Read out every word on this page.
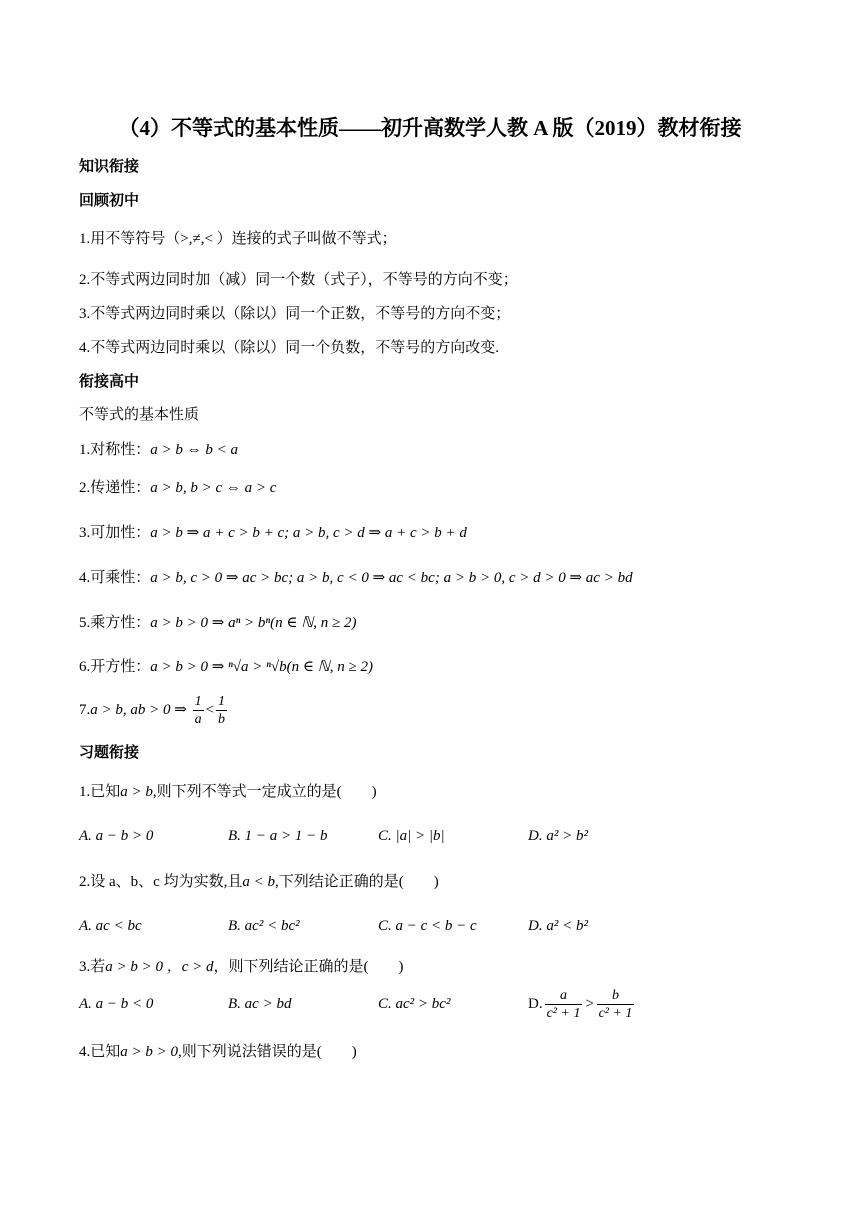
（4）不等式的基本性质——初升高数学人教 A 版（2019）教材衔接
知识衔接
回顾初中
1.用不等符号（>,≠,< ）连接的式子叫做不等式；
2.不等式两边同时加（减）同一个数（式子），不等号的方向不变；
3.不等式两边同时乘以（除以）同一个正数，不等号的方向不变；
4.不等式两边同时乘以（除以）同一个负数，不等号的方向改变.
衔接高中
不等式的基本性质
1.对称性：a > b ⇔ b < a
2.传递性：a > b, b > c ⇔ a > c
3.可加性：a > b ⇒ a + c > b + c; a > b, c > d ⇒ a + c > b + d
4.可乘性：a > b, c > 0 ⇒ ac > bc; a > b, c < 0 ⇒ ac < bc; a > b > 0, c > d > 0 ⇒ ac > bd
5.乘方性：a > b > 0 ⇒ aⁿ > bⁿ(n ∈ ℕ, n ≥ 2)
6.开方性：a > b > 0 ⇒ ⁿ√a > ⁿ√b(n ∈ ℕ, n ≥ 2)
7.a > b, ab > 0 ⇒ $\frac{1}{a} < \frac{1}{b}$
习题衔接
1.已知a > b,则下列不等式一定成立的是(　　)
A. a − b > 0	B. 1 − a > 1 − b	C. |a| > |b|	D. a² > b²
2.设 a、b、c 均为实数,且a < b,下列结论正确的是(　　)
A. ac < bc	B. ac² < bc²	C. a − c < b − c	D. a² < b²
3.若a > b > 0 ，c > d，则下列结论正确的是(　　)
A. a − b < 0	B. ac > bd	C. ac² > bc²	D. $\frac{a}{\text{c² + 1}} > \frac{b}{\text{c² + 1}}$
4.已知a > b > 0,则下列说法错误的是(　　)
